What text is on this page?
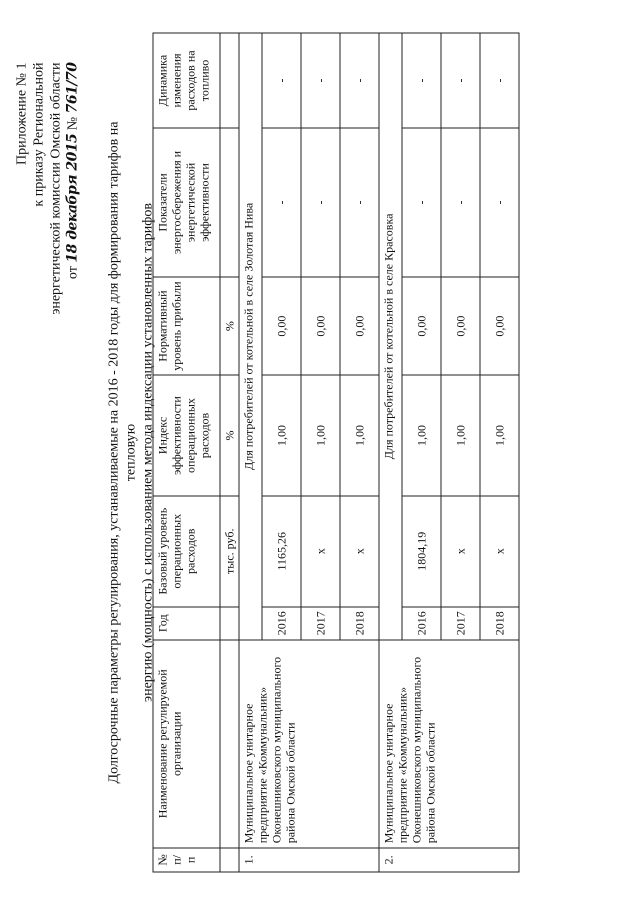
Приложение № 1 к приказу Региональной энергетической комиссии Омской области от 18 декабря 2015 № 761/70
Долгосрочные параметры регулирования, устанавливаемые на 2016 - 2018 годы для формирования тарифов на тепловую энергию (мощность) с использованием метода индексации установленных тарифов
№ п/п	Наименование регулируемой организации	Год	Базовый уровень операционных расходов	Индекс эффективности операционных расходов	Нормативный уровень прибыли	Показатели энергосбережения и энергетической эффективности	Динамика изменения расходов на топливо
			тыс. руб.	%	%		
1.	Муниципальное унитарное предприятие «Коммунальник» Оконешниковского муниципального района Омской области	Для потребителей от котельной в селе Золотая Нива					
		2016	1165,26	1,00	0,00	-	-
		2017	x	1,00	0,00	-	-
		2018	x	1,00	0,00	-	-
2.	Муниципальное унитарное предприятие «Коммунальник» Оконешниковского муниципального района Омской области	Для потребителей от котельной в селе Красовка					
		2016	1804,19	1,00	0,00	-	-
		2017	x	1,00	0,00	-	-
		2018	x	1,00	0,00	-	-
